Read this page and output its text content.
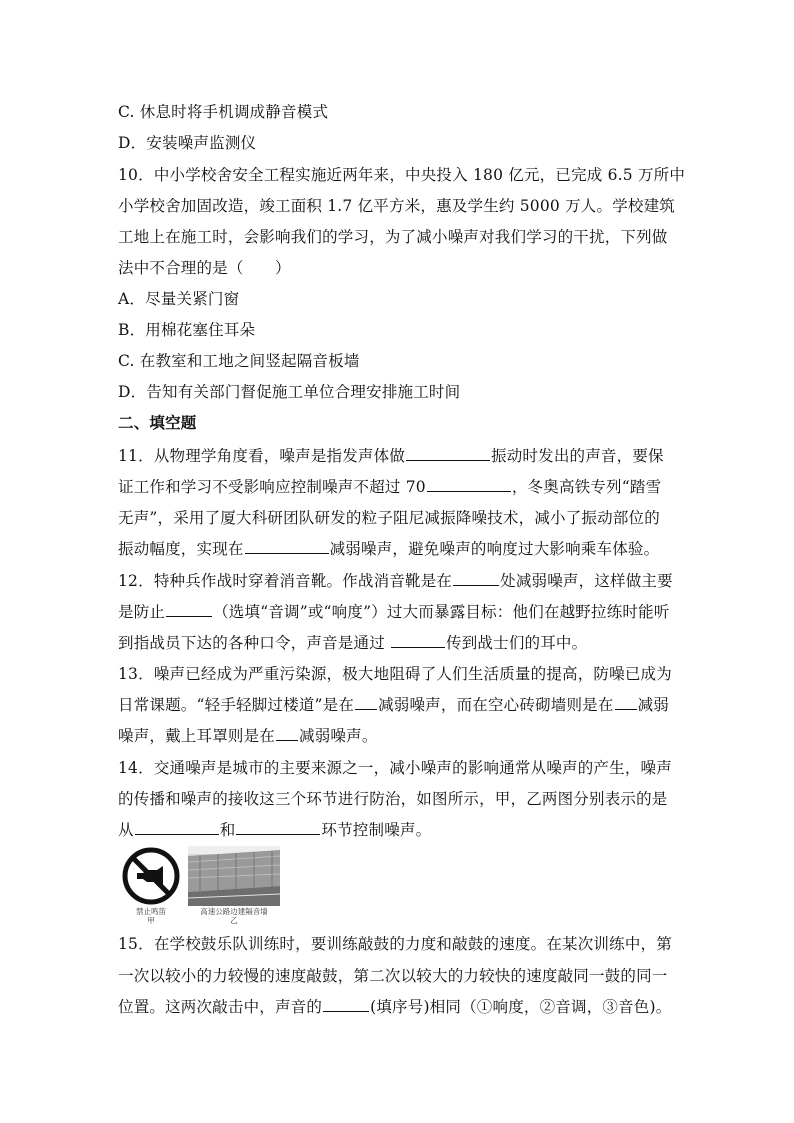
C. 休息时将手机调成静音模式
D．安装噪声监测仪
10．中小学校舍安全工程实施近两年来，中央投入 180 亿元，已完成 6.5 万所中
小学校舍加固改造，竣工面积 1.7 亿平方米，惠及学生约 5000 万人。学校建筑
工地上在施工时，会影响我们的学习，为了减小噪声对我们学习的干扰，下列做
法中不合理的是（　　）
A．尽量关紧门窗
B．用棉花塞住耳朵
C. 在教室和工地之间竖起隔音板墙
D．告知有关部门督促施工单位合理安排施工时间
二、填空题
11．从物理学角度看，噪声是指发声体做	振动时发出的声音，要保
证工作和学习不受影响应控制噪声不超过 70	，冬奥高铁专列“踏雪
无声”，采用了厦大科研团队研发的粒子阻尼减振降噪技术，减小了振动部位的
振动幅度，实现在	减弱噪声，避免噪声的响度过大影响乘车体验。
12．特种兵作战时穿着消音靴。作战消音靴是在	处减弱噪声，这样做主要
是防止	（选填“音调”或“响度”）过大而暴露目标：他们在越野拉练时能听
到指战员下达的各种口令，声音是通过	传到战士们的耳中。
13．噪声已经成为严重污染源，极大地阻碍了人们生活质量的提高，防噪已成为
日常课题。“轻手轻脚过楼道”是在 减弱噪声，而在空心砖砌墙则是在 减弱
噪声，戴上耳罩则是在 减弱噪声。
14．交通噪声是城市的主要来源之一，减小噪声的影响通常从噪声的产生，噪声
的传播和噪声的接收这三个环节进行防治，如图所示，甲，乙两图分别表示的是
从	和	环节控制噪声。
禁止鸣笛
甲
高速公路边建隔音墙
乙
15．在学校鼓乐队训练时，要训练敲鼓的力度和敲鼓的速度。在某次训练中，第
一次以较小的力较慢的速度敲鼓，第二次以较大的力较快的速度敲同一鼓的同一
位置。这两次敲击中，声音的	(填序号)相同（①响度，②音调，③音色)。
